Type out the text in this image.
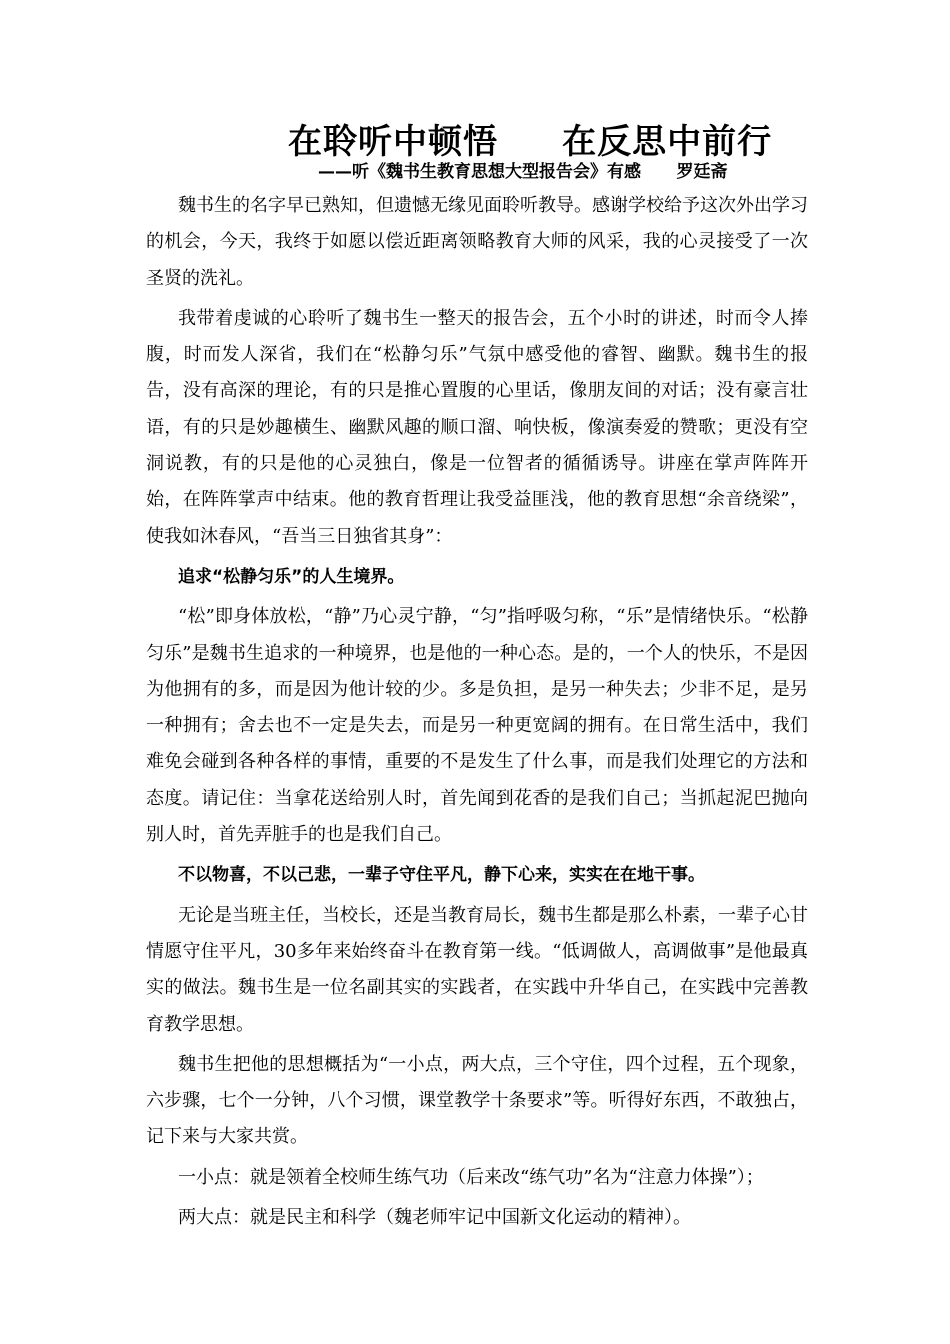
在聆听中顿悟     在反思中前行
——听《魏书生教育思想大型报告会》有感      罗廷斋

魏书生的名字早已熟知，但遗憾无缘见面聆听教导。感谢学校给予这次外出学习的机会，今天，我终于如愿以偿近距离领略教育大师的风采，我的心灵接受了一次圣贤的洗礼。

我带着虔诚的心聆听了魏书生一整天的报告会，五个小时的讲述，时而令人捧腹，时而发人深省，我们在“松静匀乐”气氛中感受他的睿智、幽默。魏书生的报告，没有高深的理论，有的只是推心置腹的心里话，像朋友间的对话；没有豪言壮语，有的只是妙趣横生、幽默风趣的顺口溜、响快板，像演奏爱的赞歌；更没有空洞说教，有的只是他的心灵独白，像是一位智者的循循诱导。讲座在掌声阵阵开始，在阵阵掌声中结束。他的教育哲理让我受益匪浅，他的教育思想“余音绕梁”，使我如沐春风，“吾当三日独省其身”：

追求“松静匀乐”的人生境界。

“松”即身体放松，“静”乃心灵宁静，“匀”指呼吸匀称，“乐”是情绪快乐。“松静匀乐”是魏书生追求的一种境界，也是他的一种心态。是的，一个人的快乐，不是因为他拥有的多，而是因为他计较的少。多是负担，是另一种失去；少非不足，是另一种拥有；舍去也不一定是失去，而是另一种更宽阔的拥有。在日常生活中，我们难免会碰到各种各样的事情，重要的不是发生了什么事，而是我们处理它的方法和态度。请记住：当拿花送给别人时，首先闻到花香的是我们自己；当抓起泥巴抛向别人时，首先弄脏手的也是我们自己。

不以物喜，不以己悲，一辈子守住平凡，静下心来，实实在在地干事。

无论是当班主任，当校长，还是当教育局长，魏书生都是那么朴素，一辈子心甘情愿守住平凡，30多年来始终奋斗在教育第一线。“低调做人，高调做事”是他最真实的做法。魏书生是一位名副其实的实践者，在实践中升华自己，在实践中完善教育教学思想。

魏书生把他的思想概括为“一小点，两大点，三个守住，四个过程，五个现象，六步骤，七个一分钟，八个习惯，课堂教学十条要求”等。听得好东西，不敢独占，记下来与大家共赏。

一小点：就是领着全校师生练气功（后来改“练气功”名为“注意力体操”）；

两大点：就是民主和科学（魏老师牢记中国新文化运动的精神）。
